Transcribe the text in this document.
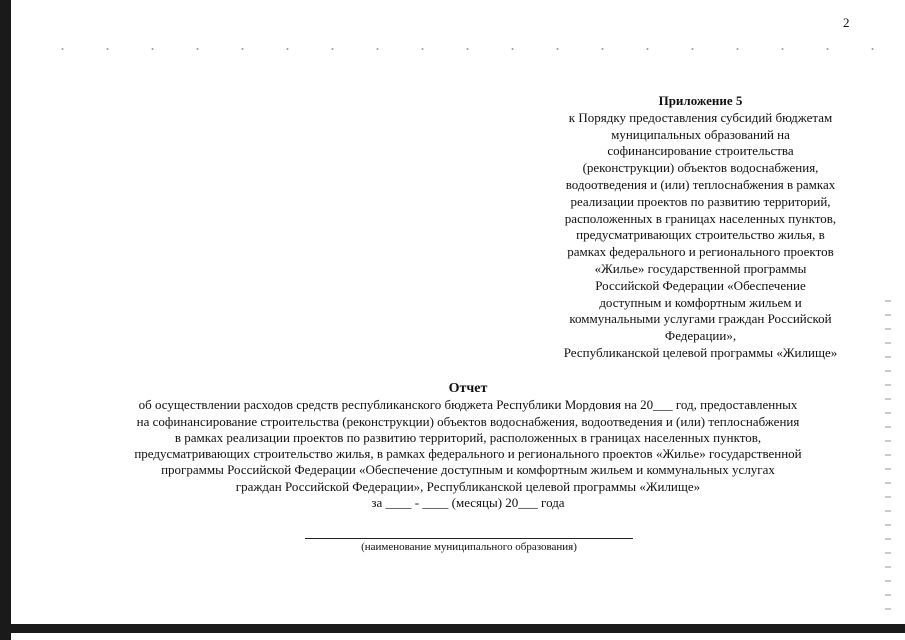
2
Приложение 5
к Порядку предоставления субсидий бюджетам
муниципальных образований на
софинансирование строительства
(реконструкции) объектов водоснабжения,
водоотведения и (или) теплоснабжения в рамках
реализации проектов по развитию территорий,
расположенных в границах населенных пунктов,
предусматривающих строительство жилья, в
рамках федерального и регионального проектов
«Жилье» государственной программы
Российской Федерации «Обеспечение
доступным и комфортным жильем и
коммунальными услугами граждан Российской
Федерации»,
Республиканской целевой программы «Жилище»
Отчет
об осуществлении расходов средств республиканского бюджета Республики Мордовия на 20___ год, предоставленных
на софинансирование строительства (реконструкции) объектов водоснабжения, водоотведения и (или) теплоснабжения
в рамках реализации проектов по развитию территорий, расположенных в границах населенных пунктов,
предусматривающих строительство жилья, в рамках федерального и регионального проектов «Жилье» государственной
программы Российской Федерации «Обеспечение доступным и комфортным жильем и коммунальных услугах
граждан Российской Федерации», Республиканской целевой программы «Жилище»
за ____ - ____ (месяцы) 20___ года
(наименование муниципального образования)
